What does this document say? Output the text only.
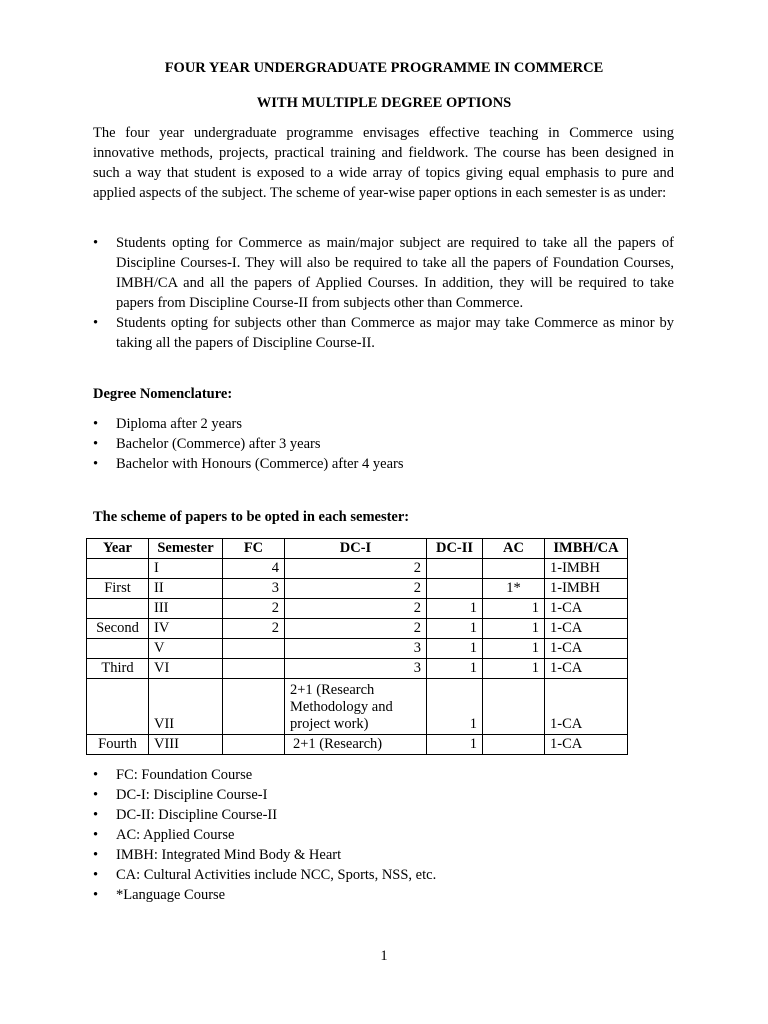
FOUR YEAR UNDERGRADUATE PROGRAMME IN COMMERCE
WITH MULTIPLE DEGREE OPTIONS
The four year undergraduate programme envisages effective teaching in Commerce using innovative methods, projects, practical training and fieldwork. The course has been designed in such a way that student is exposed to a wide array of topics giving equal emphasis to pure and applied aspects of the subject. The scheme of year-wise paper options in each semester is as under:
• Students opting for Commerce as main/major subject are required to take all the papers of Discipline Courses-I. They will also be required to take all the papers of Foundation Courses, IMBH/CA and all the papers of Applied Courses. In addition, they will be required to take papers from Discipline Course-II from subjects other than Commerce.
• Students opting for subjects other than Commerce as major may take Commerce as minor by taking all the papers of Discipline Course-II.
Degree Nomenclature:
• Diploma after 2 years
• Bachelor (Commerce) after 3 years
• Bachelor with Honours (Commerce) after 4 years
The scheme of papers to be opted in each semester:
Year	Semester	FC	DC-I	DC-II	AC	IMBH/CA
	I	4	2			1-IMBH
First	II	3	2		1*	1-IMBH
	III	2	2	1	1	1-CA
Second	IV	2	2	1	1	1-CA
	V		3	1	1	1-CA
Third	VI		3	1	1	1-CA
	VII		2+1 (Research Methodology and project work)	1		1-CA
Fourth	VIII		2+1 (Research)	1		1-CA
• FC: Foundation Course
• DC-I: Discipline Course-I
• DC-II: Discipline Course-II
• AC: Applied Course
• IMBH: Integrated Mind Body & Heart
• CA: Cultural Activities include NCC, Sports, NSS, etc.
• *Language Course
1
